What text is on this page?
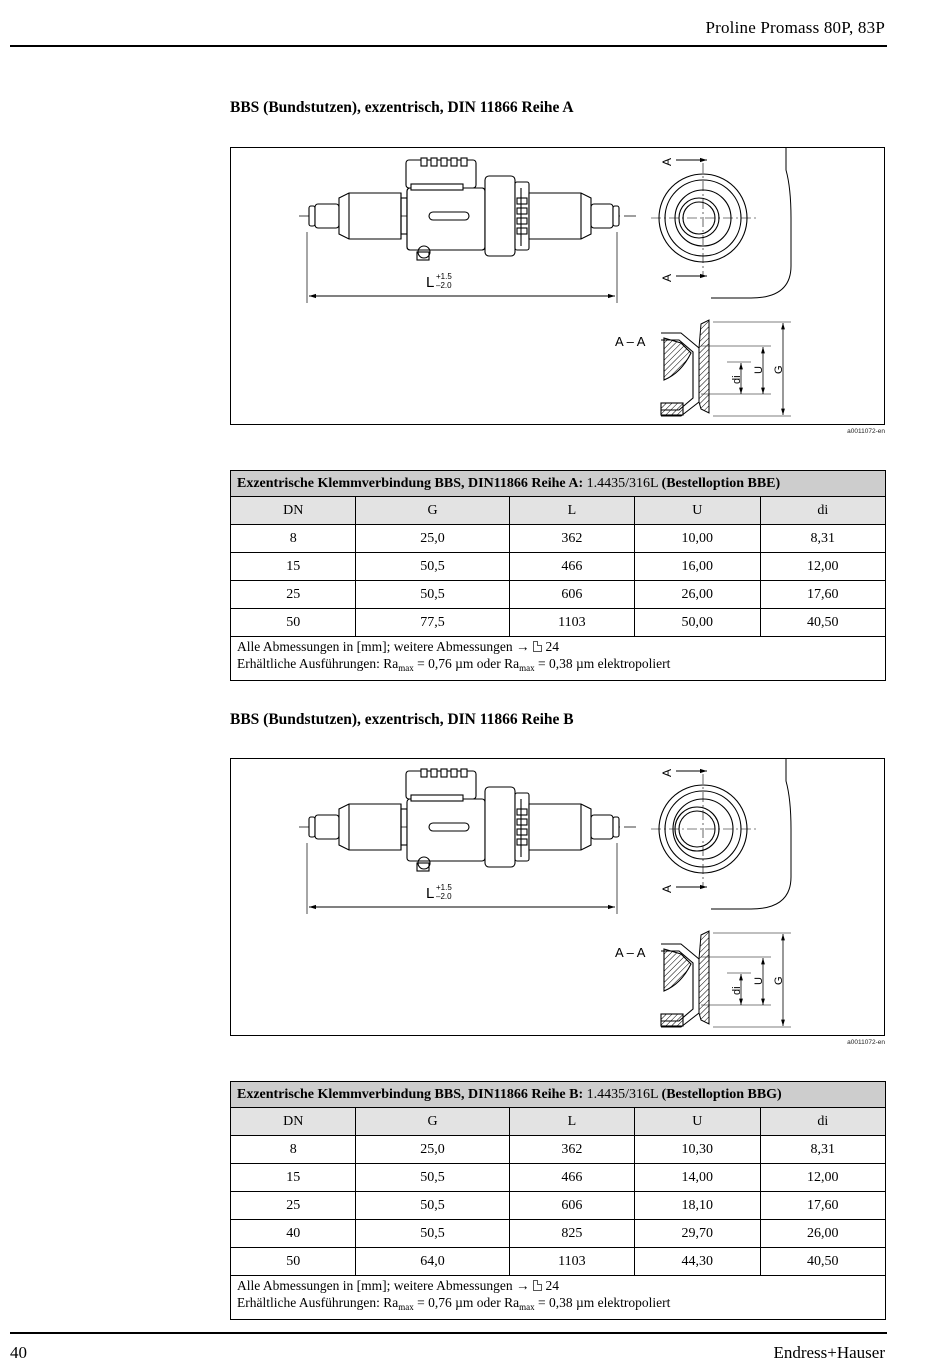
Proline Promass 80P, 83P
BBS (Bundstutzen), exzentrisch, DIN 11866 Reihe A
L +1.5
–2.0
A – A
A
A
di
U G
a0011072-en
Exzentrische Klemmverbindung BBS, DIN11866 Reihe A: 1.4435/316L (Bestelloption BBE)				
DN	G	L	U	di
8	25,0	362	10,00	8,31
15	50,5	466	16,00	12,00
25	50,5	606	26,00	17,60
50	77,5	1103	50,00	40,50
Alle Abmessungen in [mm]; weitere Abmessungen → 24
Erhältliche Ausführungen: $Ra_{max} = 0,76$ µm oder $Ra_{max} = 0,38$ µm elektropoliert				
BBS (Bundstutzen), exzentrisch, DIN 11866 Reihe B
L +1.5
–2.0
A – A
A
A
di
U G
a0011072-en
Exzentrische Klemmverbindung BBS, DIN11866 Reihe B: 1.4435/316L (Bestelloption BBG)				
DN	G	L	U	di
8	25,0	362	10,30	8,31
15	50,5	466	14,00	12,00
25	50,5	606	18,10	17,60
40	50,5	825	29,70	26,00
50	64,0	1103	44,30	40,50
Alle Abmessungen in [mm]; weitere Abmessungen → 24
Erhältliche Ausführungen: $Ra_{max} = 0,76$ µm oder $Ra_{max} = 0,38$ µm elektropoliert				
40	Endress+Hauser
